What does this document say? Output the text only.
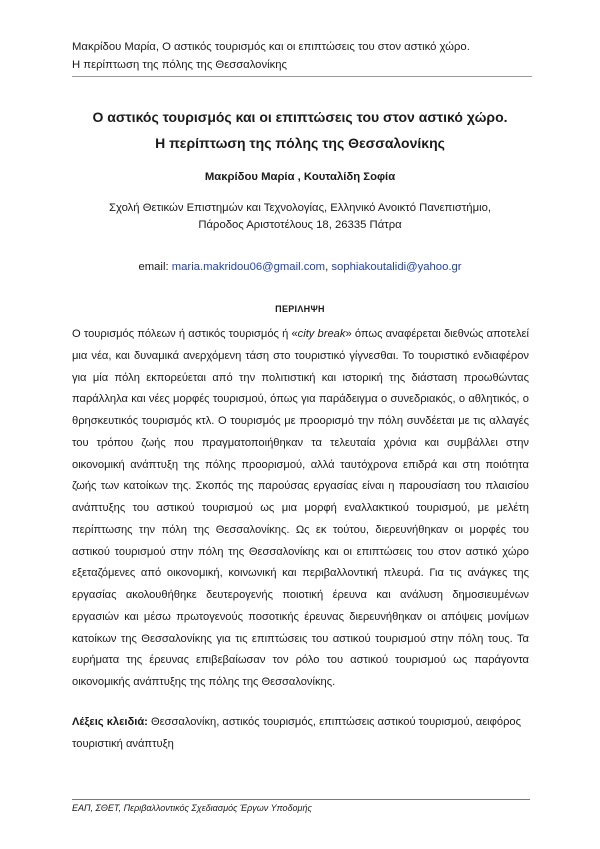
Μακρίδου Μαρία, Ο αστικός τουρισμός και οι επιπτώσεις του στον αστικό χώρο.
Η περίπτωση της πόλης της Θεσσαλονίκης
Ο αστικός τουρισμός και οι επιπτώσεις του στον αστικό χώρο.
Η περίπτωση της πόλης της Θεσσαλονίκης
Μακρίδου Μαρία , Κουταλίδη Σοφία
Σχολή Θετικών Επιστημών και Τεχνολογίας, Ελληνικό Ανοικτό Πανεπιστήμιο,
Πάροδος Αριστοτέλους 18, 26335 Πάτρα
email: maria.makridou06@gmail.com, sophiakoutalidi@yahoo.gr
ΠΕΡΙΛΗΨΗ

Ο τουρισμός πόλεων ή αστικός τουρισμός ή «city break» όπως αναφέρεται διεθνώς αποτελεί μια νέα, και δυναμικά ανερχόμενη τάση στο τουριστικό γίγνεσθαι. Το τουριστικό ενδιαφέρον για μία πόλη εκπορεύεται από την πολιτιστική και ιστορική της διάσταση προωθώντας παράλληλα και νέες μορφές τουρισμού, όπως για παράδειγμα ο συνεδριακός, ο αθλητικός, ο θρησκευτικός τουρισμός κτλ. Ο τουρισμός με προορισμό την πόλη συνδέεται με τις αλλαγές του τρόπου ζωής που πραγματοποιήθηκαν τα τελευταία χρόνια και συμβάλλει στην οικονομική ανάπτυξη της πόλης προορισμού, αλλά ταυτόχρονα επιδρά και στη ποιότητα ζωής των κατοίκων της. Σκοπός της παρούσας εργασίας είναι η παρουσίαση του πλαισίου ανάπτυξης του αστικού τουρισμού ως μια μορφή εναλλακτικού τουρισμού, με μελέτη περίπτωσης την πόλη της Θεσσαλονίκης. Ως εκ τούτου, διερευνήθηκαν οι μορφές του αστικού τουρισμού στην πόλη της Θεσσαλονίκης και οι επιπτώσεις του στον αστικό χώρο εξεταζόμενες από οικονομική, κοινωνική και περιβαλλοντική πλευρά. Για τις ανάγκες της εργασίας ακολουθήθηκε δευτερογενής ποιοτική έρευνα και ανάλυση δημοσιευμένων εργασιών και μέσω πρωτογενούς ποσοτικής έρευνας διερευνήθηκαν οι απόψεις μονίμων κατοίκων της Θεσσαλονίκης για τις επιπτώσεις του αστικού τουρισμού στην πόλη τους. Τα ευρήματα της έρευνας επιβεβαίωσαν τον ρόλο του αστικού τουρισμού ως παράγοντα οικονομικής ανάπτυξης της πόλης της Θεσσαλονίκης.

Λέξεις κλειδιά: Θεσσαλονίκη, αστικός τουρισμός, επιπτώσεις αστικού τουρισμού, αειφόρος τουριστική ανάπτυξη

ΕΑΠ, ΣΘΕΤ, Περιβαλλοντικός Σχεδιασμός Έργων Υποδομής
